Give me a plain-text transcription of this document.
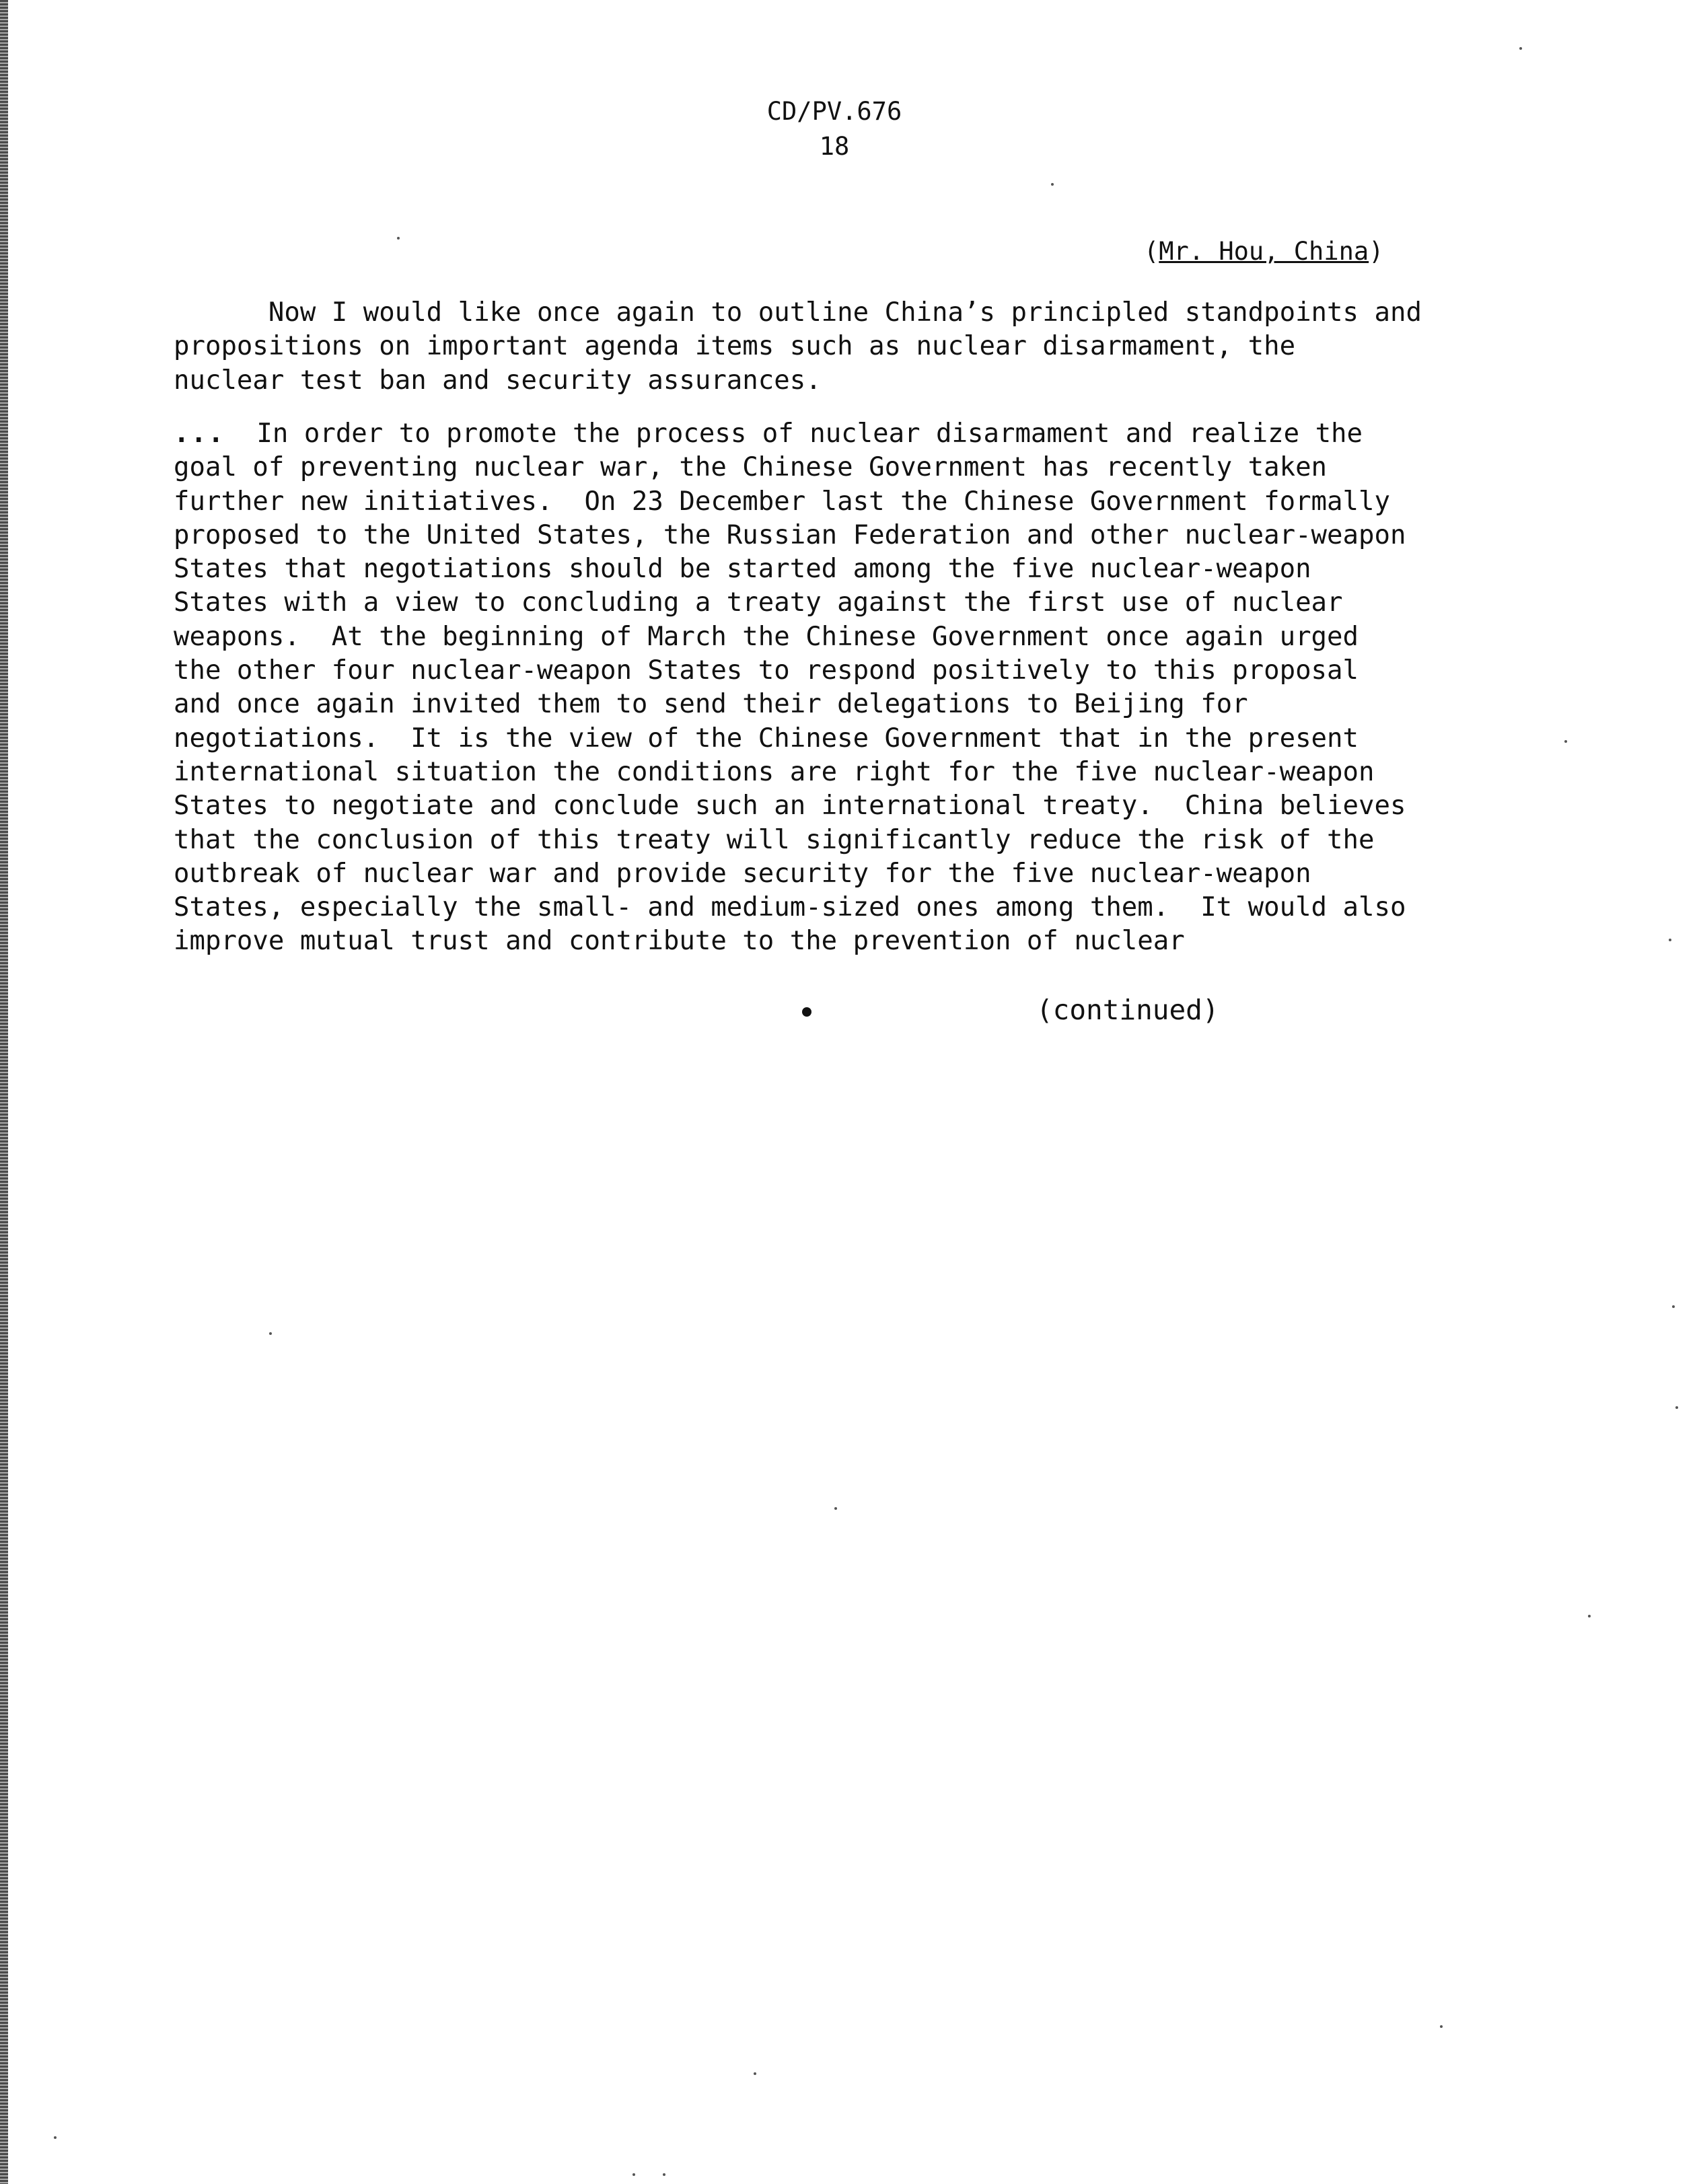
CD/PV.676
18
(Mr. Hou, China)
Now I would like once again to outline China’s principled standpoints and
propositions on important agenda items such as nuclear disarmament, the
nuclear test ban and security assurances.
...  In order to promote the process of nuclear disarmament and realize the
goal of preventing nuclear war, the Chinese Government has recently taken
further new initiatives.  On 23 December last the Chinese Government formally
proposed to the United States, the Russian Federation and other nuclear-weapon
States that negotiations should be started among the five nuclear-weapon
States with a view to concluding a treaty against the first use of nuclear
weapons.  At the beginning of March the Chinese Government once again urged
the other four nuclear-weapon States to respond positively to this proposal
and once again invited them to send their delegations to Beijing for
negotiations.  It is the view of the Chinese Government that in the present
international situation the conditions are right for the five nuclear-weapon
States to negotiate and conclude such an international treaty.  China believes
that the conclusion of this treaty will significantly reduce the risk of the
outbreak of nuclear war and provide security for the five nuclear-weapon
States, especially the small- and medium-sized ones among them.  It would also
improve mutual trust and contribute to the prevention of nuclear
(continued)
